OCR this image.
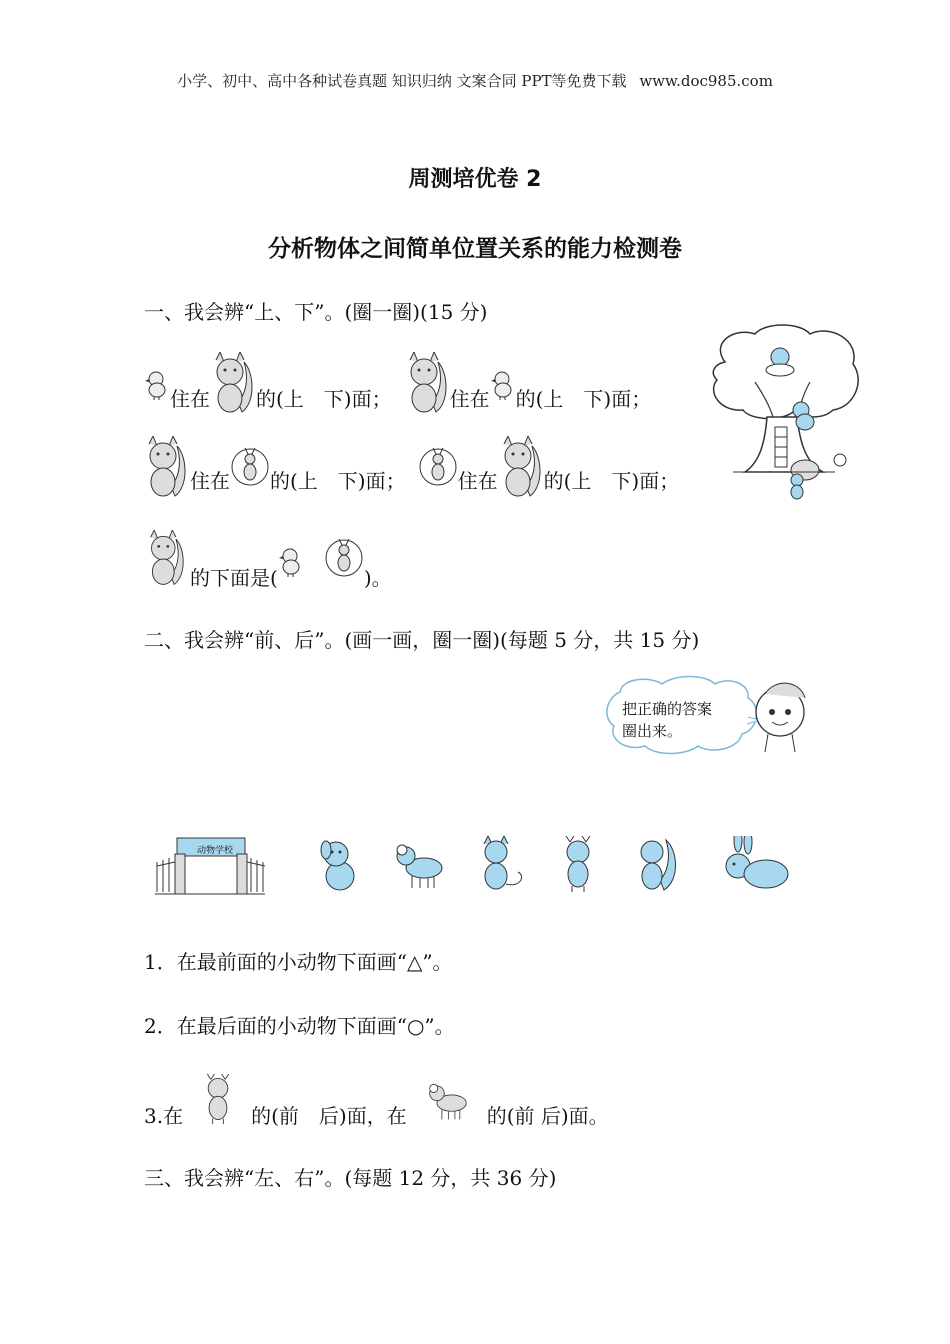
小学、初中、高中各种试卷真题 知识归纳 文案合同 PPT等免费下载 www.doc985.com
周测培优卷 2
分析物体之间简单位置关系的能力检测卷
一、我会辨“上、下”。(圈一圈)(15 分)
住在 的(上　下)面；	住在 的(上　下)面；
住在 的(上　下)面；	住在 的(上　下)面；
的下面是(	)。
二、我会辨“前、后”。(画一画，圈一圈)(每题 5 分，共 15 分)
把正确的答案
圈出来。
动物学校
1．在最前面的小动物下面画“△”。
2．在最后面的小动物下面画“○”。
3.在	的(前　后)面，在	的(前 后)面。
三、我会辨“左、右”。(每题 12 分，共 36 分)
